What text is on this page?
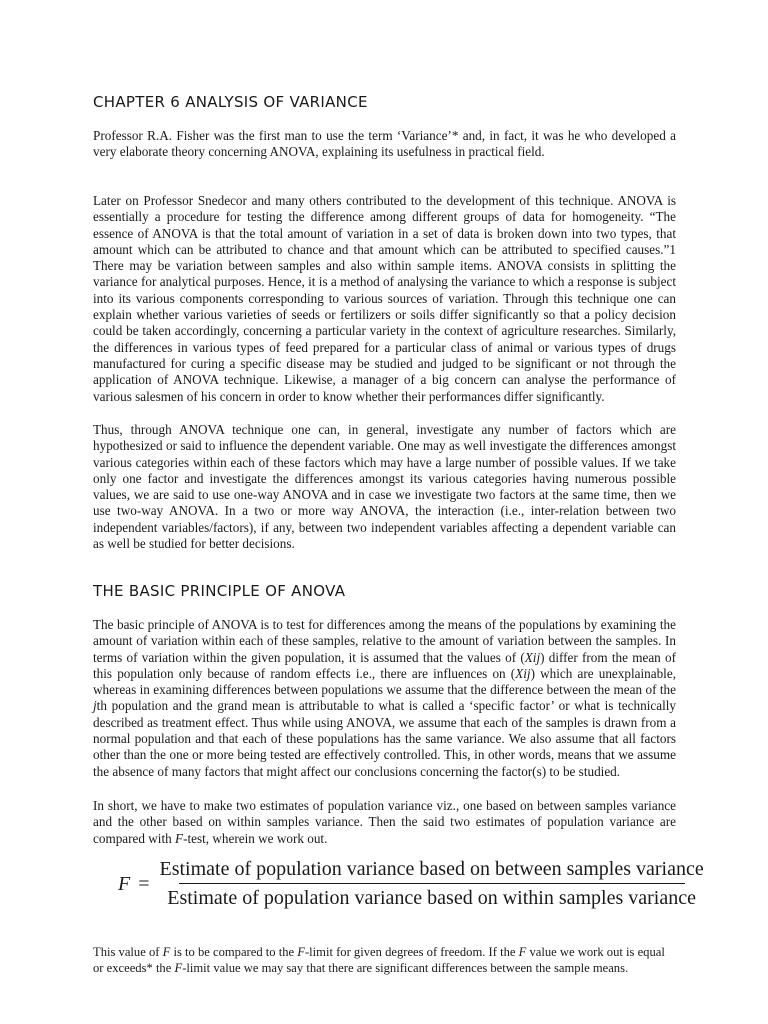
CHAPTER 6 ANALYSIS OF VARIANCE

Professor R.A. Fisher was the first man to use the term ‘Variance’* and, in fact, it was he who developed a very elaborate theory concerning ANOVA, explaining its usefulness in practical field.

Later on Professor Snedecor and many others contributed to the development of this technique. ANOVA is essentially a procedure for testing the difference among different groups of data for homogeneity. “The essence of ANOVA is that the total amount of variation in a set of data is broken down into two types, that amount which can be attributed to chance and that amount which can be attributed to specified causes.”1 There may be variation between samples and also within sample items. ANOVA consists in splitting the variance for analytical purposes. Hence, it is a method of analysing the variance to which a response is subject into its various components corresponding to various sources of variation. Through this technique one can explain whether various varieties of seeds or fertilizers or soils differ significantly so that a policy decision could be taken accordingly, concerning a particular variety in the context of agriculture researches. Similarly, the differences in various types of feed prepared for a particular class of animal or various types of drugs manufactured for curing a specific disease may be studied and judged to be significant or not through the application of ANOVA technique. Likewise, a manager of a big concern can analyse the performance of various salesmen of his concern in order to know whether their performances differ significantly.

Thus, through ANOVA technique one can, in general, investigate any number of factors which are hypothesized or said to influence the dependent variable. One may as well investigate the differences amongst various categories within each of these factors which may have a large number of possible values. If we take only one factor and investigate the differences amongst its various categories having numerous possible values, we are said to use one-way ANOVA and in case we investigate two factors at the same time, then we use two-way ANOVA. In a two or more way ANOVA, the interaction (i.e., inter-relation between two independent variables/factors), if any, between two independent variables affecting a dependent variable can as well be studied for better decisions.

THE BASIC PRINCIPLE OF ANOVA

The basic principle of ANOVA is to test for differences among the means of the populations by examining the amount of variation within each of these samples, relative to the amount of variation between the samples. In terms of variation within the given population, it is assumed that the values of (Xij) differ from the mean of this population only because of random effects i.e., there are influences on (Xij) which are unexplainable, whereas in examining differences between populations we assume that the difference between the mean of the jth population and the grand mean is attributable to what is called a ‘specific factor’ or what is technically described as treatment effect. Thus while using ANOVA, we assume that each of the samples is drawn from a normal population and that each of these populations has the same variance. We also assume that all factors other than the one or more being tested are effectively controlled. This, in other words, means that we assume the absence of many factors that might affect our conclusions concerning the factor(s) to be studied.

In short, we have to make two estimates of population variance viz., one based on between samples variance and the other based on within samples variance. Then the said two estimates of population variance are compared with F-test, wherein we work out.

F =
Estimate of population variance based on between samples variance
Estimate of population variance based on within samples variance

This value of F is to be compared to the F-limit for given degrees of freedom. If the F value we work out is equal or exceeds* the F-limit value we may say that there are significant differences between the sample means.
